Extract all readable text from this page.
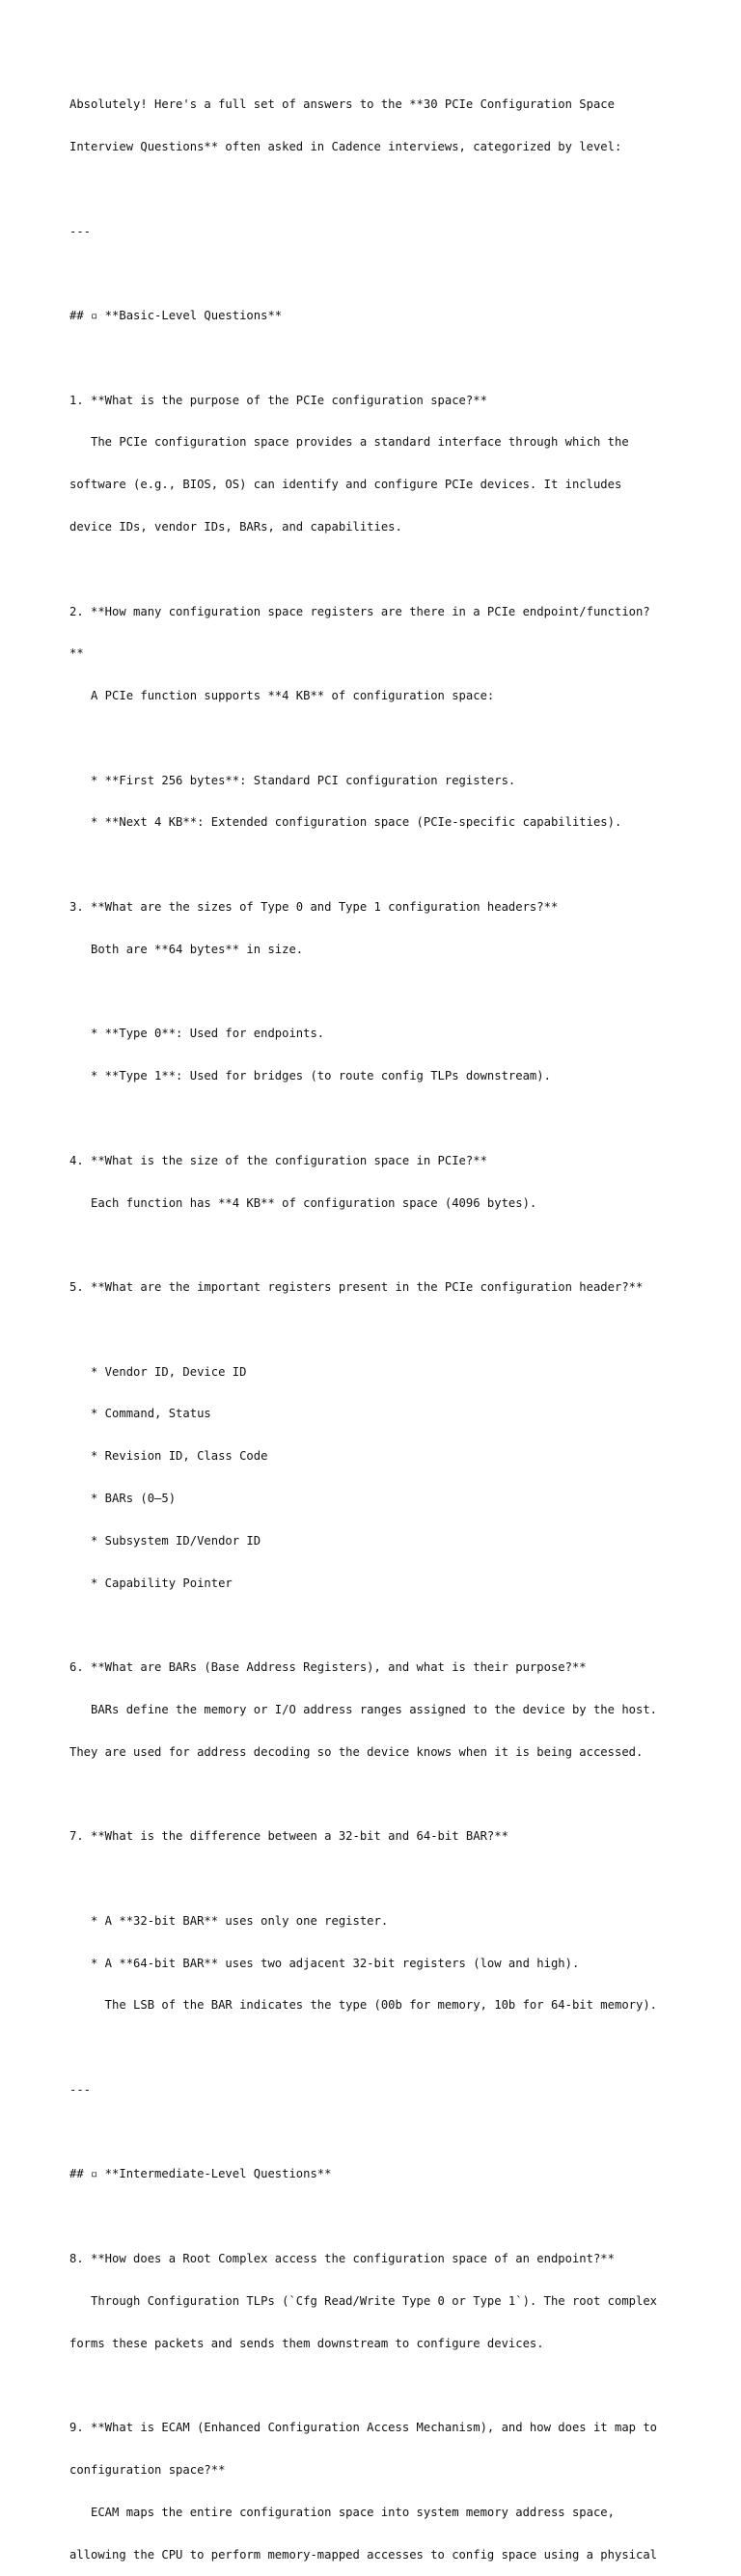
Absolutely! Here's a full set of answers to the **30 PCIe Configuration Space

Interview Questions** often asked in Cadence interviews, categorized by level:

---

## ▫ **Basic-Level Questions**

1. **What is the purpose of the PCIe configuration space?**

The PCIe configuration space provides a standard interface through which the

software (e.g., BIOS, OS) can identify and configure PCIe devices. It includes

device IDs, vendor IDs, BARs, and capabilities.

2. **How many configuration space registers are there in a PCIe endpoint/function?

**

A PCIe function supports **4 KB** of configuration space:

* **First 256 bytes**: Standard PCI configuration registers.

* **Next 4 KB**: Extended configuration space (PCIe-specific capabilities).

3. **What are the sizes of Type 0 and Type 1 configuration headers?**

Both are **64 bytes** in size.

* **Type 0**: Used for endpoints.

* **Type 1**: Used for bridges (to route config TLPs downstream).

4. **What is the size of the configuration space in PCIe?**

Each function has **4 KB** of configuration space (4096 bytes).

5. **What are the important registers present in the PCIe configuration header?**

* Vendor ID, Device ID

* Command, Status

* Revision ID, Class Code

* BARs (0–5)

* Subsystem ID/Vendor ID

* Capability Pointer

6. **What are BARs (Base Address Registers), and what is their purpose?**

BARs define the memory or I/O address ranges assigned to the device by the host.

They are used for address decoding so the device knows when it is being accessed.

7. **What is the difference between a 32-bit and 64-bit BAR?**

* A **32-bit BAR** uses only one register.

* A **64-bit BAR** uses two adjacent 32-bit registers (low and high).

The LSB of the BAR indicates the type (00b for memory, 10b for 64-bit memory).

---

## ▫ **Intermediate-Level Questions**

8. **How does a Root Complex access the configuration space of an endpoint?**

Through Configuration TLPs (`Cfg Read/Write Type 0 or Type 1`). The root complex

forms these packets and sends them downstream to configure devices.

9. **What is ECAM (Enhanced Configuration Access Mechanism), and how does it map to

configuration space?**

ECAM maps the entire configuration space into system memory address space,

allowing the CPU to perform memory-mapped accesses to config space using a physical
